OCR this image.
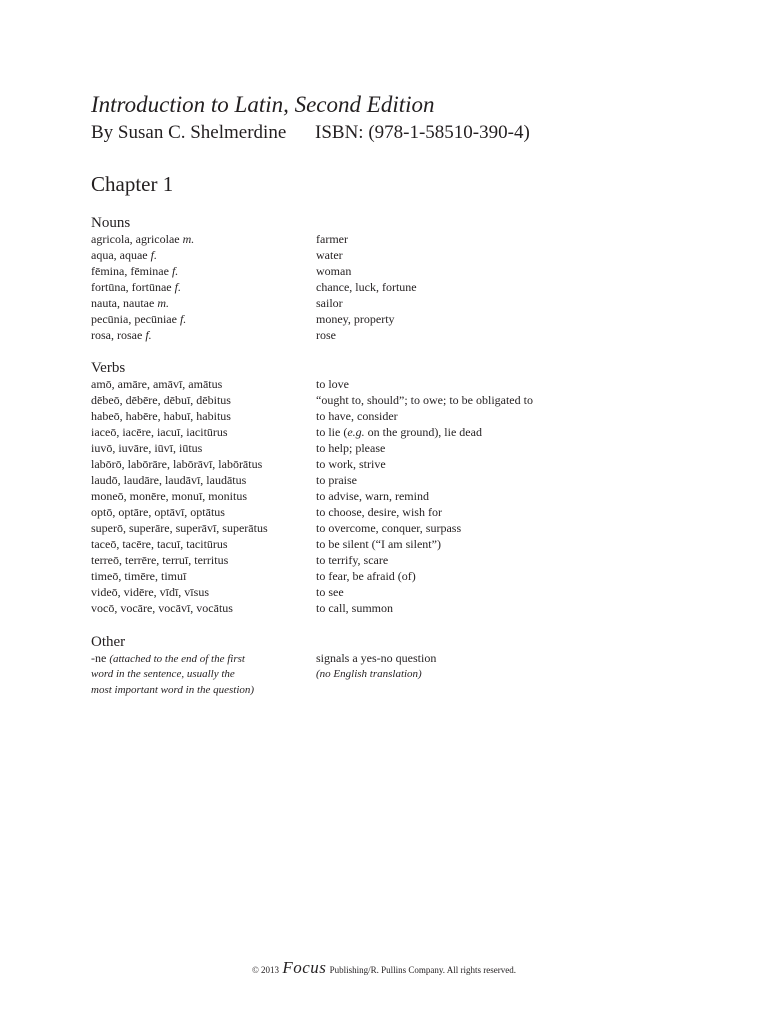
Introduction to Latin, Second Edition
By Susan C. Shelmerdine ISBN: (978-1-58510-390-4)
Chapter 1
Nouns
agricola, agricolae m.	farmer
aqua, aquae f.	water
fēmina, fēminae f.	woman
fortūna, fortūnae f.	chance, luck, fortune
nauta, nautae m.	sailor
pecūnia, pecūniae f.	money, property
rosa, rosae f.	rose
Verbs
amō, amāre, amāvī, amātus	to love
dēbeō, dēbēre, dēbuī, dēbitus	“ought to, should”; to owe; to be obligated to
habeō, habēre, habuī, habitus	to have, consider
iaceō, iacēre, iacuī, iacitūrus	to lie (e.g. on the ground), lie dead
iuvō, iuvāre, iūvī, iūtus	to help; please
labōrō, labōrāre, labōrāvī, labōrātus	to work, strive
laudō, laudāre, laudāvī, laudātus	to praise
moneō, monēre, monuī, monitus	to advise, warn, remind
optō, optāre, optāvī, optātus	to choose, desire, wish for
superō, superāre, superāvī, superātus	to overcome, conquer, surpass
taceō, tacēre, tacuī, tacitūrus	to be silent (“I am silent”)
terreō, terrēre, terruī, territus	to terrify, scare
timeō, timēre, timuī	to fear, be afraid (of)
videō, vidēre, vīdī, vīsus	to see
vocō, vocāre, vocāvī, vocātus	to call, summon
Other
-ne (attached to the end of the first	signals a yes-no question
word in the sentence, usually the	(no English translation)
most important word in the question)
© 2013 Focus Publishing/R. Pullins Company. All rights reserved.
